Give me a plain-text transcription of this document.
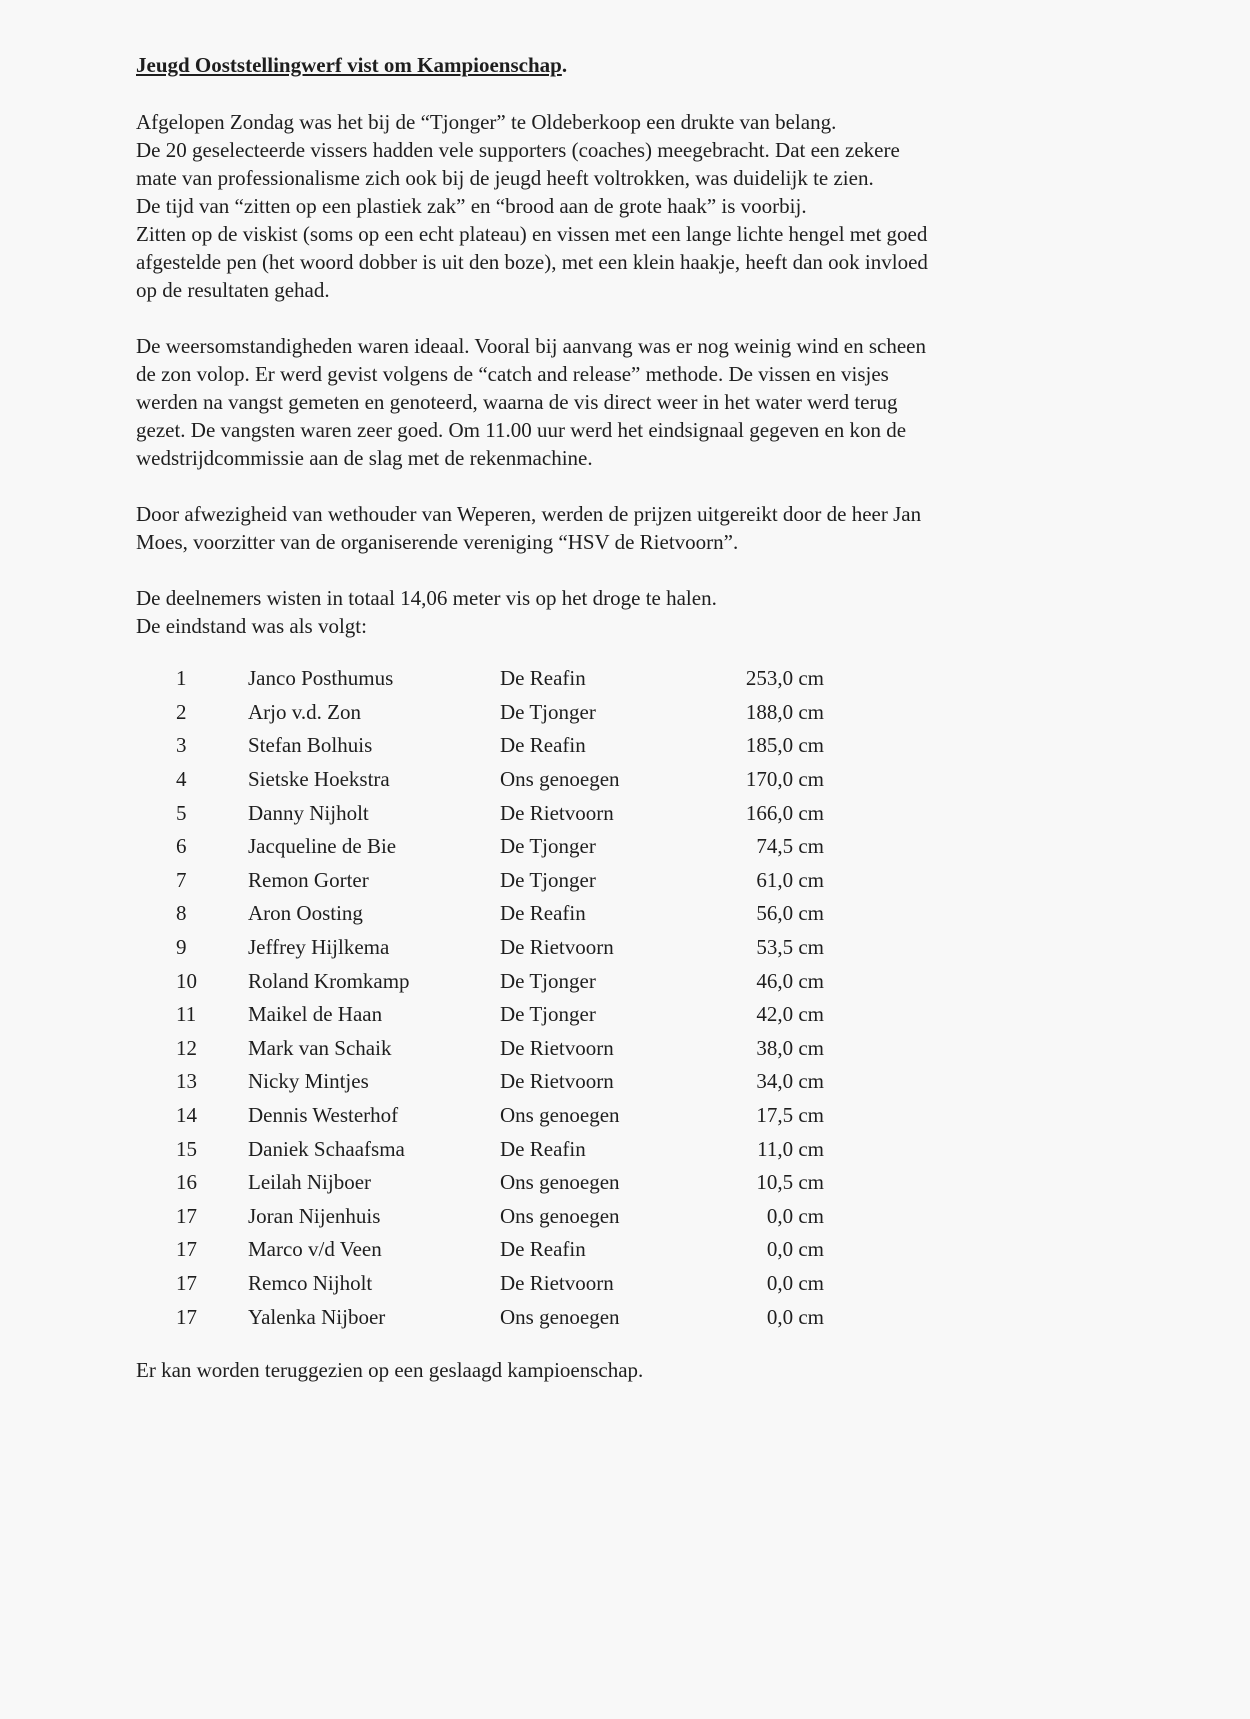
Jeugd Ooststellingwerf vist om Kampioenschap.

Afgelopen Zondag was het bij de “Tjonger” te Oldeberkoop een drukte van belang.

De 20 geselecteerde vissers hadden vele supporters (coaches) meegebracht. Dat een zekere

mate van professionalisme zich ook bij de jeugd heeft voltrokken, was duidelijk te zien.

De tijd van “zitten op een plastiek zak” en “brood aan de grote haak” is voorbij.

Zitten op de viskist (soms op een echt plateau) en vissen met een lange lichte hengel met goed

afgestelde pen (het woord dobber is uit den boze), met een klein haakje, heeft dan ook invloed

op de resultaten gehad.

De weersomstandigheden waren ideaal. Vooral bij aanvang was er nog weinig wind en scheen

de zon volop. Er werd gevist volgens de “catch and release” methode. De vissen en visjes

werden na vangst gemeten en genoteerd, waarna de vis direct weer in het water werd terug

gezet. De vangsten waren zeer goed. Om 11.00 uur werd het eindsignaal gegeven en kon de

wedstrijdcommissie aan de slag met de rekenmachine.

Door afwezigheid van wethouder van Weperen, werden de prijzen uitgereikt door de heer Jan

Moes, voorzitter van de organiserende vereniging “HSV de Rietvoorn”.

De deelnemers wisten in totaal 14,06 meter vis op het droge te halen.

De eindstand was als volgt:

1	Janco Posthumus	De Reafin	253,0 cm
2	Arjo v.d. Zon	De Tjonger	188,0 cm
3	Stefan Bolhuis	De Reafin	185,0 cm
4	Sietske Hoekstra	Ons genoegen	170,0 cm
5	Danny Nijholt	De Rietvoorn	166,0 cm
6	Jacqueline de Bie	De Tjonger	74,5 cm
7	Remon Gorter	De Tjonger	61,0 cm
8	Aron Oosting	De Reafin	56,0 cm
9	Jeffrey Hijlkema	De Rietvoorn	53,5 cm
10	Roland Kromkamp	De Tjonger	46,0 cm
11	Maikel de Haan	De Tjonger	42,0 cm
12	Mark van Schaik	De Rietvoorn	38,0 cm
13	Nicky Mintjes	De Rietvoorn	34,0 cm
14	Dennis Westerhof	Ons genoegen	17,5 cm
15	Daniek Schaafsma	De Reafin	11,0 cm
16	Leilah Nijboer	Ons genoegen	10,5 cm
17	Joran Nijenhuis	Ons genoegen	0,0 cm
17	Marco v/d Veen	De Reafin	0,0 cm
17	Remco Nijholt	De Rietvoorn	0,0 cm
17	Yalenka Nijboer	Ons genoegen	0,0 cm

Er kan worden teruggezien op een geslaagd kampioenschap.
